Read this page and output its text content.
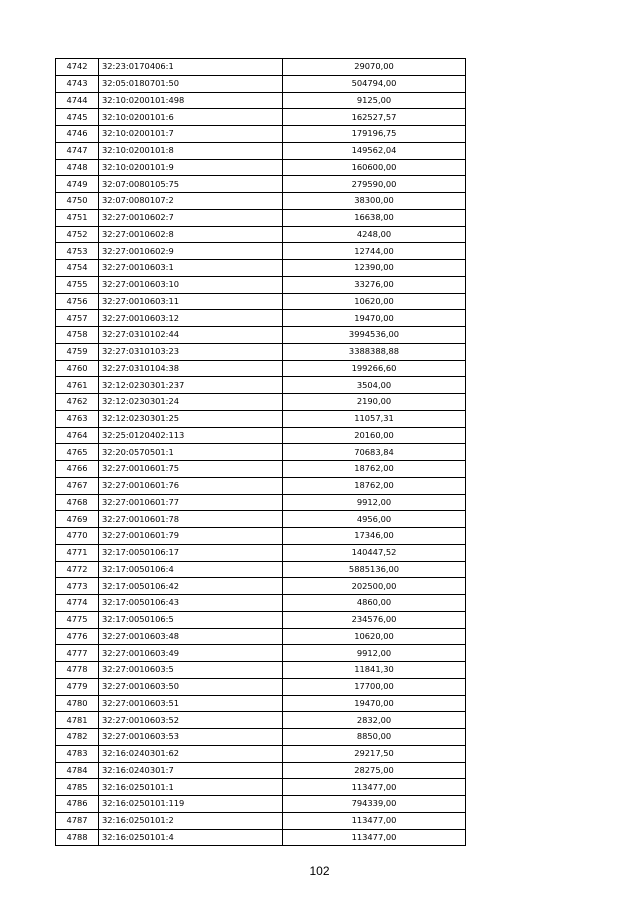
4742	32:23:0170406:1	29070,00
4743	32:05:0180701:50	504794,00
4744	32:10:0200101:498	9125,00
4745	32:10:0200101:6	162527,57
4746	32:10:0200101:7	179196,75
4747	32:10:0200101:8	149562,04
4748	32:10:0200101:9	160600,00
4749	32:07:0080105:75	279590,00
4750	32:07:0080107:2	38300,00
4751	32:27:0010602:7	16638,00
4752	32:27:0010602:8	4248,00
4753	32:27:0010602:9	12744,00
4754	32:27:0010603:1	12390,00
4755	32:27:0010603:10	33276,00
4756	32:27:0010603:11	10620,00
4757	32:27:0010603:12	19470,00
4758	32:27:0310102:44	3994536,00
4759	32:27:0310103:23	3388388,88
4760	32:27:0310104:38	199266,60
4761	32:12:0230301:237	3504,00
4762	32:12:0230301:24	2190,00
4763	32:12:0230301:25	11057,31
4764	32:25:0120402:113	20160,00
4765	32:20:0570501:1	70683,84
4766	32:27:0010601:75	18762,00
4767	32:27:0010601:76	18762,00
4768	32:27:0010601:77	9912,00
4769	32:27:0010601:78	4956,00
4770	32:27:0010601:79	17346,00
4771	32:17:0050106:17	140447,52
4772	32:17:0050106:4	5885136,00
4773	32:17:0050106:42	202500,00
4774	32:17:0050106:43	4860,00
4775	32:17:0050106:5	234576,00
4776	32:27:0010603:48	10620,00
4777	32:27:0010603:49	9912,00
4778	32:27:0010603:5	11841,30
4779	32:27:0010603:50	17700,00
4780	32:27:0010603:51	19470,00
4781	32:27:0010603:52	2832,00
4782	32:27:0010603:53	8850,00
4783	32:16:0240301:62	29217,50
4784	32:16:0240301:7	28275,00
4785	32:16:0250101:1	113477,00
4786	32:16:0250101:119	794339,00
4787	32:16:0250101:2	113477,00
4788	32:16:0250101:4	113477,00
102
